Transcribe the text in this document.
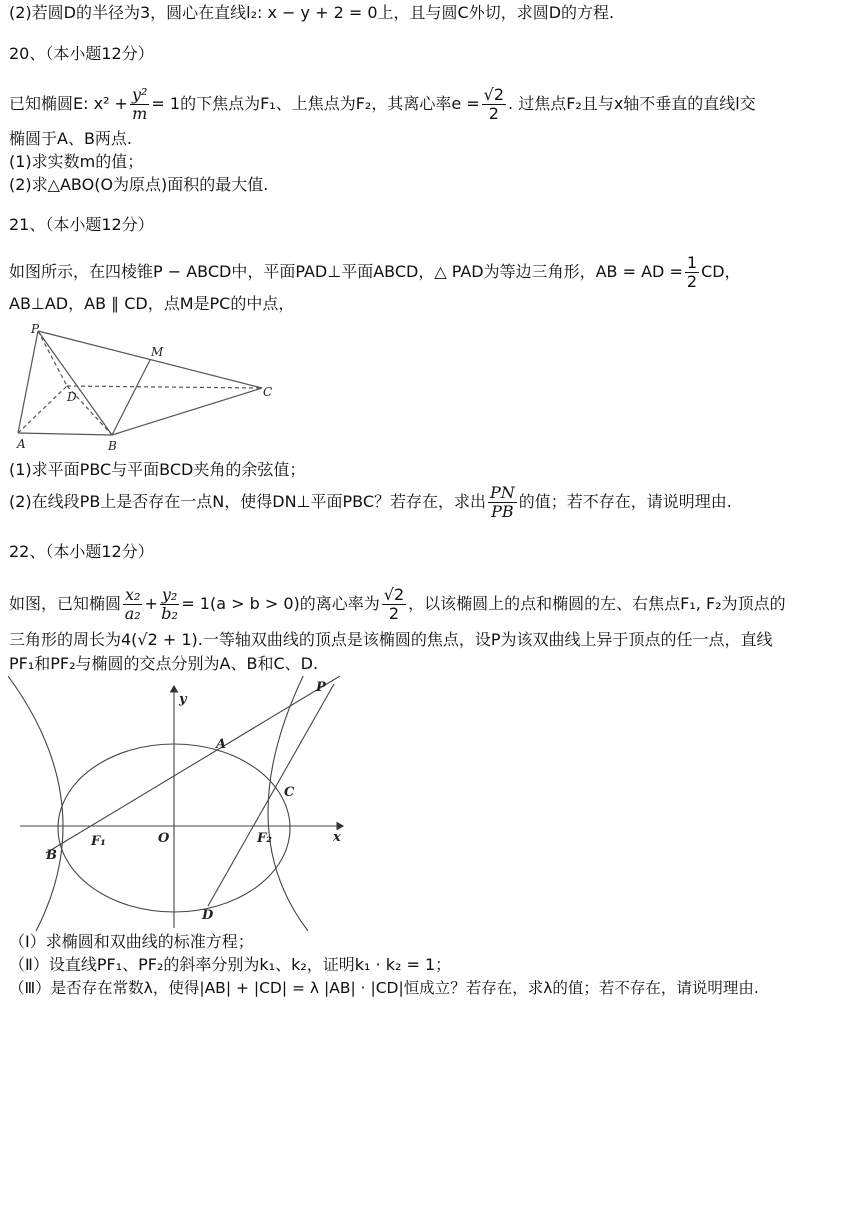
(2)若圆D的半径为3，圆心在直线l₂: x − y + 2 = 0上，且与圆C外切，求圆D的方程.
20、（本小题12分）
已知椭圆E: $x^2 + \frac{\text{y²}}{m} = 1$的下焦点为F₁、上焦点为F₂，其离心率$e = \frac{√2}{2}$ . 过焦点F₂且与x轴不垂直的直线l交
椭圆于A、B两点.
(1)求实数m的值；
(2)求△ABO(O为原点)面积的最大值.
21、（本小题12分）
如图所示，在四棱锥P − ABCD中，平面PAD⊥平面ABCD，△ PAD为等边三角形，AB = AD = $\frac{1}{2}$ CD，
AB⊥AD，AB ∥ CD，点M是PC的中点，
P
M
D	C
A	B
(1)求平面PBC与平面BCD夹角的余弦值；
(2)在线段PB上是否存在一点N，使得DN⊥平面PBC？若存在，求出 $\frac{PN}{PB}$ 的值；若不存在，请说明理由.
22、（本小题12分）
如图，已知椭圆 $\frac{\text{x₂}}{\text{a₂}} + \frac{\text{y₂}}{\text{b₂}} = 1(a > b > 0)$的离心率为 $\frac{√2}{2}$ ，以该椭圆上的点和椭圆的左、右焦点F₁, F₂为顶点的
三角形的周长为4(√2 + 1).一等轴双曲线的顶点是该椭圆的焦点，设P为该双曲线上异于顶点的任一点，直线
PF₁和PF₂与椭圆的交点分别为A、B和C、D.
y
x
O
F₁	F₂
A
B
C
D
P
（Ⅰ）求椭圆和双曲线的标准方程；
（Ⅱ）设直线PF₁、PF₂的斜率分别为k₁、k₂，证明k₁ · k₂ = 1；
（Ⅲ）是否存在常数λ，使得|AB| + |CD| = λ |AB| · |CD|恒成立？若存在，求λ的值；若不存在，请说明理由.
